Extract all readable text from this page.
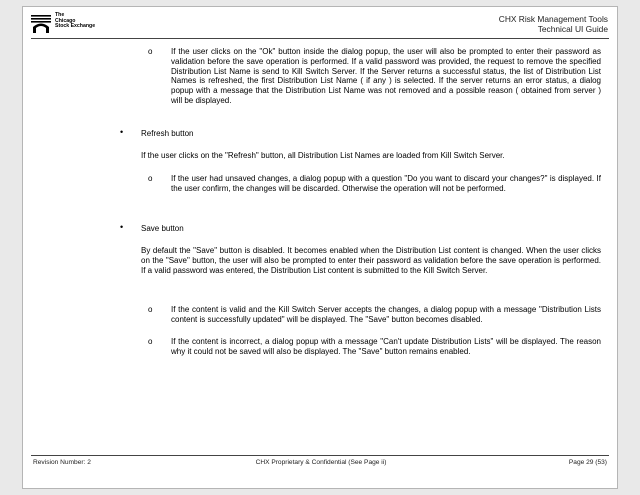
The
Chicago
Stock Exchange
CHX Risk Management Tools
Technical UI Guide
o If the user clicks on the "Ok" button inside the dialog popup, the user will also be prompted to enter their password as validation before the save operation is performed. If a valid password was provided, the request to remove the specified Distribution List Name is send to Kill Switch Server. If the Server returns a successful status, the list of Distribution List Names is refreshed, the first Distribution List Name ( if any ) is selected. If the server returns an error status, a dialog popup with a message that the Distribution List Name was not removed and a possible reason ( obtained from server ) will be displayed.
• Refresh button
If the user clicks on the "Refresh" button, all Distribution List Names are loaded from Kill Switch Server.
o If the user had unsaved changes, a dialog popup with a question "Do you want to discard your changes?" is displayed. If the user confirm, the changes will be discarded. Otherwise the operation will not be performed.
• Save button
By default the "Save" button is disabled. It becomes enabled when the Distribution List content is changed. When the user clicks on the "Save" button, the user will also be prompted to enter their password as validation before the save operation is performed. If a valid password was entered, the Distribution List content is submitted to the Kill Switch Server.
o If the content is valid and the Kill Switch Server accepts the changes, a dialog popup with a message "Distribution Lists content is successfully updated" will be displayed. The "Save" button becomes disabled.
o If the content is incorrect, a dialog popup with a message "Can't update Distribution Lists" will be displayed. The reason why it could not be saved will also be displayed. The "Save" button remains enabled.
Revision Number: 2	CHX Proprietary & Confidential (See Page ii)	Page 29 (53)
